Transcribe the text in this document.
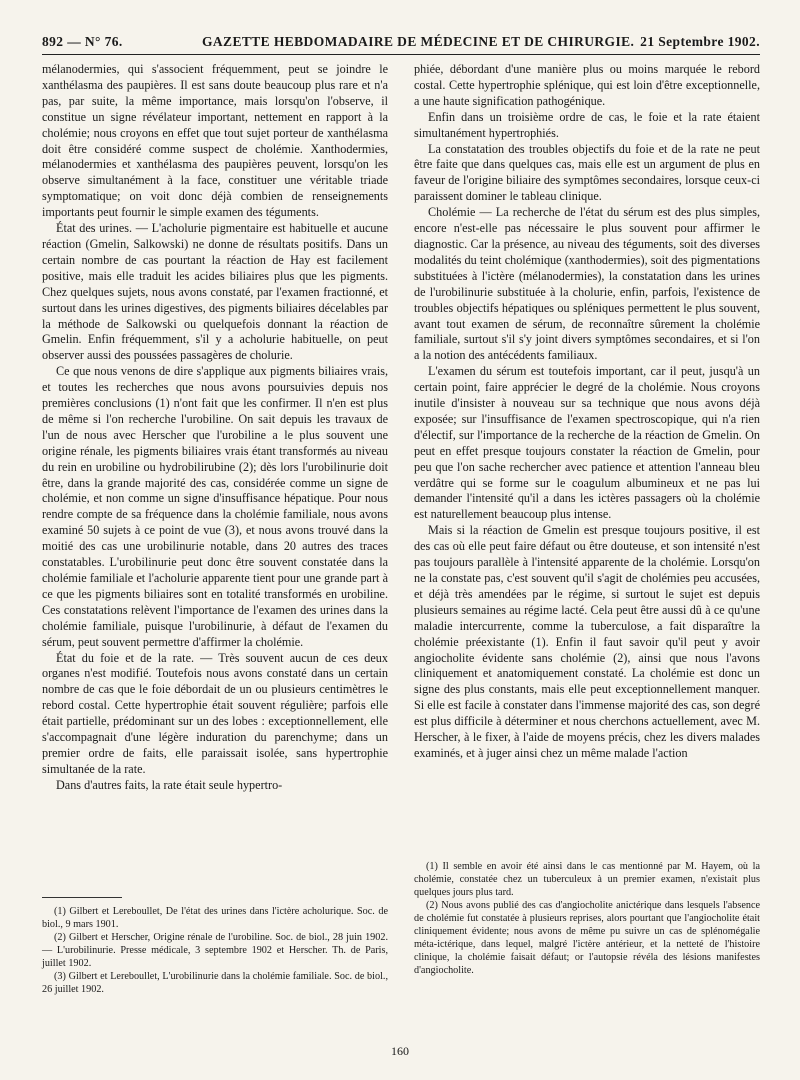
892 — N° 76.	GAZETTE HEBDOMADAIRE DE MÉDECINE ET DE CHIRURGIE. 21 Septembre 1902.

mélanodermies, qui s'associent fréquemment, peut se joindre le xanthélasma des paupières. Il est sans doute beaucoup plus rare et n'a pas, par suite, la même importance, mais lorsqu'on l'observe, il constitue un signe révélateur important, nettement en rapport à la cholémie; nous croyons en effet que tout sujet porteur de xanthélasma doit être considéré comme suspect de cholémie. Xanthodermies, mélanodermies et xanthélasma des paupières peuvent, lorsqu'on les observe simultanément à la face, constituer une véritable triade symptomatique; on voit donc déjà combien de renseignements importants peut fournir le simple examen des téguments.

État des urines. — L'acholurie pigmentaire est habituelle et aucune réaction (Gmelin, Salkowski) ne donne de résultats positifs. Dans un certain nombre de cas pourtant la réaction de Hay est facilement positive, mais elle traduit les acides biliaires plus que les pigments. Chez quelques sujets, nous avons constaté, par l'examen fractionné, et surtout dans les urines digestives, des pigments biliaires décelables par la méthode de Salkowski ou quelquefois donnant la réaction de Gmelin. Enfin fréquemment, s'il y a acholurie habituelle, on peut observer aussi des poussées passagères de cholurie.

Ce que nous venons de dire s'applique aux pigments biliaires vrais, et toutes les recherches que nous avons poursuivies depuis nos premières conclusions (1) n'ont fait que les confirmer. Il n'en est plus de même si l'on recherche l'urobiline. On sait depuis les travaux de l'un de nous avec Herscher que l'urobiline a le plus souvent une origine rénale, les pigments biliaires vrais étant transformés au niveau du rein en urobiline ou hydrobilirubine (2); dès lors l'urobilinurie doit être, dans la grande majorité des cas, considérée comme un signe de cholémie, et non comme un signe d'insuffisance hépatique. Pour nous rendre compte de sa fréquence dans la cholémie familiale, nous avons examiné 50 sujets à ce point de vue (3), et nous avons trouvé dans la moitié des cas une urobilinurie notable, dans 20 autres des traces constatables. L'urobilinurie peut donc être souvent constatée dans la cholémie familiale et l'acholurie apparente tient pour une grande part à ce que les pigments biliaires sont en totalité transformés en urobiline. Ces constatations relèvent l'importance de l'examen des urines dans la cholémie familiale, puisque l'urobilinurie, à défaut de l'examen du sérum, peut souvent permettre d'affirmer la cholémie.

État du foie et de la rate. — Très souvent aucun de ces deux organes n'est modifié. Toutefois nous avons constaté dans un certain nombre de cas que le foie débordait de un ou plusieurs centimètres le rebord costal. Cette hypertrophie était souvent régulière; parfois elle était partielle, prédominant sur un des lobes : exceptionnellement, elle s'accompagnait d'une légère induration du parenchyme; dans un premier ordre de faits, elle paraissait isolée, sans hypertrophie simultanée de la rate.

Dans d'autres faits, la rate était seule hypertro-

phiée, débordant d'une manière plus ou moins marquée le rebord costal. Cette hypertrophie splénique, qui est loin d'être exceptionnelle, a une haute signification pathogénique.

Enfin dans un troisième ordre de cas, le foie et la rate étaient simultanément hypertrophiés.

La constatation des troubles objectifs du foie et de la rate ne peut être faite que dans quelques cas, mais elle est un argument de plus en faveur de l'origine biliaire des symptômes secondaires, lorsque ceux-ci paraissent dominer le tableau clinique.

Cholémie — La recherche de l'état du sérum est des plus simples, encore n'est-elle pas nécessaire le plus souvent pour affirmer le diagnostic. Car la présence, au niveau des téguments, soit des diverses modalités du teint cholémique (xanthodermies), soit des pigmentations substituées à l'ictère (mélanodermies), la constatation dans les urines de l'urobilinurie substituée à la cholurie, enfin, parfois, l'existence de troubles objectifs hépatiques ou spléniques permettent le plus souvent, avant tout examen de sérum, de reconnaître sûrement la cholémie familiale, surtout s'il s'y joint divers symptômes secondaires, et si l'on a la notion des antécédents familiaux.

L'examen du sérum est toutefois important, car il peut, jusqu'à un certain point, faire apprécier le degré de la cholémie. Nous croyons inutile d'insister à nouveau sur sa technique que nous avons déjà exposée; sur l'insuffisance de l'examen spectroscopique, qui n'a rien d'électif, sur l'importance de la recherche de la réaction de Gmelin. On peut en effet presque toujours constater la réaction de Gmelin, pour peu que l'on sache rechercher avec patience et attention l'anneau bleu verdâtre qui se forme sur le coagulum albumineux et ne pas lui demander l'intensité qu'il a dans les ictères passagers où la cholémie est naturellement beaucoup plus intense.

Mais si la réaction de Gmelin est presque toujours positive, il est des cas où elle peut faire défaut ou être douteuse, et son intensité n'est pas toujours parallèle à l'intensité apparente de la cholémie. Lorsqu'on ne la constate pas, c'est souvent qu'il s'agit de cholémies peu accusées, et déjà très amendées par le régime, si surtout le sujet est depuis plusieurs semaines au régime lacté. Cela peut être aussi dû à ce qu'une maladie intercurrente, comme la tuberculose, a fait disparaître la cholémie préexistante (1). Enfin il faut savoir qu'il peut y avoir angiocholite évidente sans cholémie (2), ainsi que nous l'avons cliniquement et anatomiquement constaté. La cholémie est donc un signe des plus constants, mais elle peut exceptionnellement manquer. Si elle est facile à constater dans l'immense majorité des cas, son degré est plus difficile à déterminer et nous cherchons actuellement, avec M. Herscher, à le fixer, à l'aide de moyens précis, chez les divers malades examinés, et à juger ainsi chez un même malade l'action

(1) Il semble en avoir été ainsi dans le cas mentionné par M. Hayem, où la cholémie, constatée chez un tuberculeux à un premier examen, n'existait plus quelques jours plus tard.

(2) Nous avons publié des cas d'angiocholite anictérique dans lesquels l'absence de cholémie fut constatée à plusieurs reprises, alors pourtant que l'angiocholite était cliniquement évidente; nous avons de même pu suivre un cas de splénomégalie méta-ictérique, dans lequel, malgré l'ictère antérieur, et la netteté de l'histoire clinique, la cholémie faisait défaut; or l'autopsie révéla des lésions manifestes d'angiocholite.

(1) Gilbert et Lereboullet, De l'état des urines dans l'ictère acholurique. Soc. de biol., 9 mars 1901.

(2) Gilbert et Herscher, Origine rénale de l'urobiline. Soc. de biol., 28 juin 1902. — L'urobilinurie. Presse médicale, 3 septembre 1902 et Herscher. Th. de Paris, juillet 1902.

(3) Gilbert et Lereboullet, L'urobilinurie dans la cholémie familiale. Soc. de biol., 26 juillet 1902.

160
